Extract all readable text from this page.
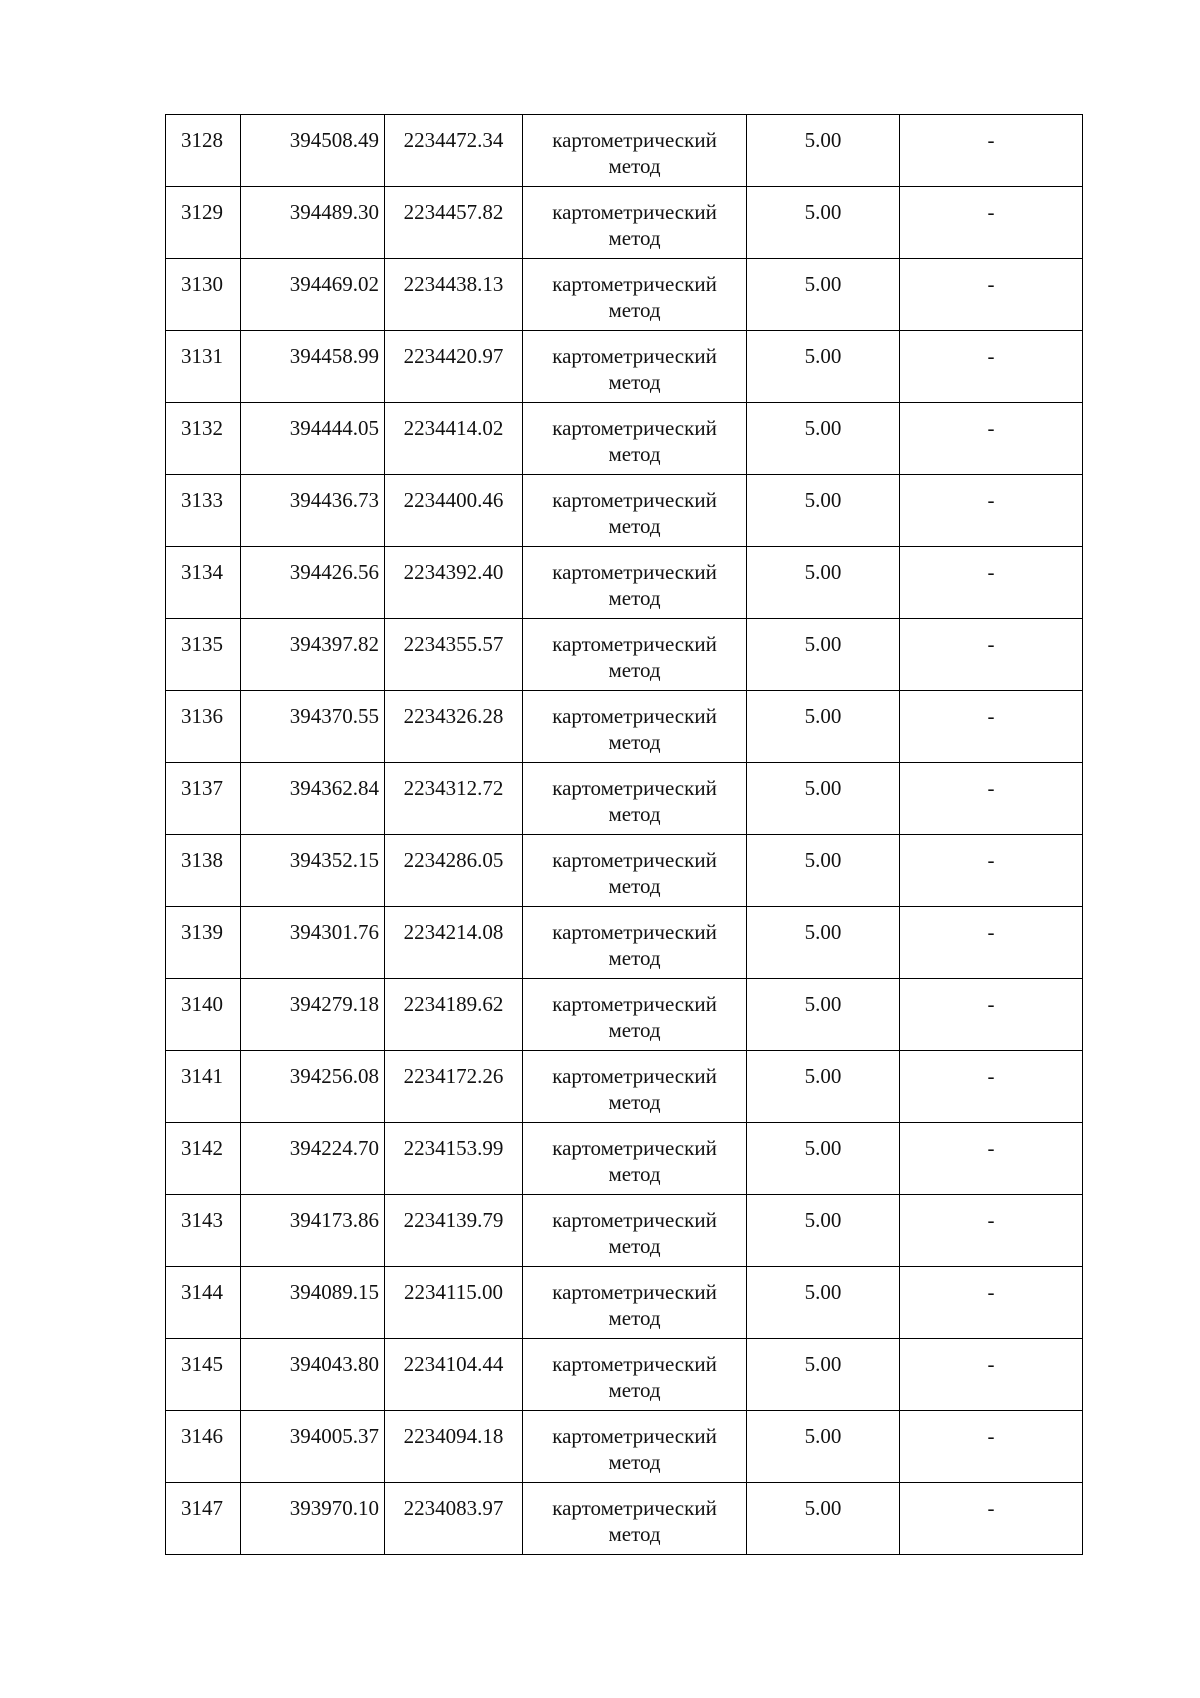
3128	394508.49	2234472.34	картометрический
метод	5.00	-

3129	394489.30	2234457.82	картометрический
метод	5.00	-

3130	394469.02	2234438.13	картометрический
метод	5.00	-

3131	394458.99	2234420.97	картометрический
метод	5.00	-

3132	394444.05	2234414.02	картометрический
метод	5.00	-

3133	394436.73	2234400.46	картометрический
метод	5.00	-

3134	394426.56	2234392.40	картометрический
метод	5.00	-

3135	394397.82	2234355.57	картометрический
метод	5.00	-

3136	394370.55	2234326.28	картометрический
метод	5.00	-

3137	394362.84	2234312.72	картометрический
метод	5.00	-

3138	394352.15	2234286.05	картометрический
метод	5.00	-

3139	394301.76	2234214.08	картометрический
метод	5.00	-

3140	394279.18	2234189.62	картометрический
метод	5.00	-

3141	394256.08	2234172.26	картометрический
метод	5.00	-

3142	394224.70	2234153.99	картометрический
метод	5.00	-

3143	394173.86	2234139.79	картометрический
метод	5.00	-

3144	394089.15	2234115.00	картометрический
метод	5.00	-

3145	394043.80	2234104.44	картометрический
метод	5.00	-

3146	394005.37	2234094.18	картометрический
метод	5.00	-

3147	393970.10	2234083.97	картометрический
метод	5.00	-
